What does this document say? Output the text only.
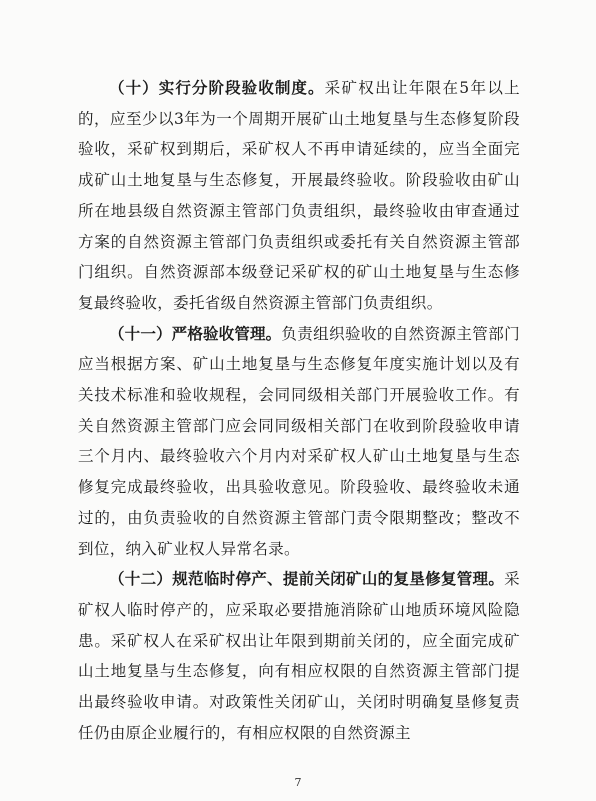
（十）实行分阶段验收制度。采矿权出让年限在5年以上的，应至少以3年为一个周期开展矿山土地复垦与生态修复阶段验收，采矿权到期后，采矿权人不再申请延续的，应当全面完成矿山土地复垦与生态修复，开展最终验收。阶段验收由矿山所在地县级自然资源主管部门负责组织，最终验收由审查通过方案的自然资源主管部门负责组织或委托有关自然资源主管部门组织。自然资源部本级登记采矿权的矿山土地复垦与生态修复最终验收，委托省级自然资源主管部门负责组织。

（十一）严格验收管理。负责组织验收的自然资源主管部门应当根据方案、矿山土地复垦与生态修复年度实施计划以及有关技术标准和验收规程，会同同级相关部门开展验收工作。有关自然资源主管部门应会同同级相关部门在收到阶段验收申请三个月内、最终验收六个月内对采矿权人矿山土地复垦与生态修复完成最终验收，出具验收意见。阶段验收、最终验收未通过的，由负责验收的自然资源主管部门责令限期整改；整改不到位，纳入矿业权人异常名录。

（十二）规范临时停产、提前关闭矿山的复垦修复管理。采矿权人临时停产的，应采取必要措施消除矿山地质环境风险隐患。采矿权人在采矿权出让年限到期前关闭的，应全面完成矿山土地复垦与生态修复，向有相应权限的自然资源主管部门提出最终验收申请。对政策性关闭矿山，关闭时明确复垦修复责任仍由原企业履行的，有相应权限的自然资源主

7
